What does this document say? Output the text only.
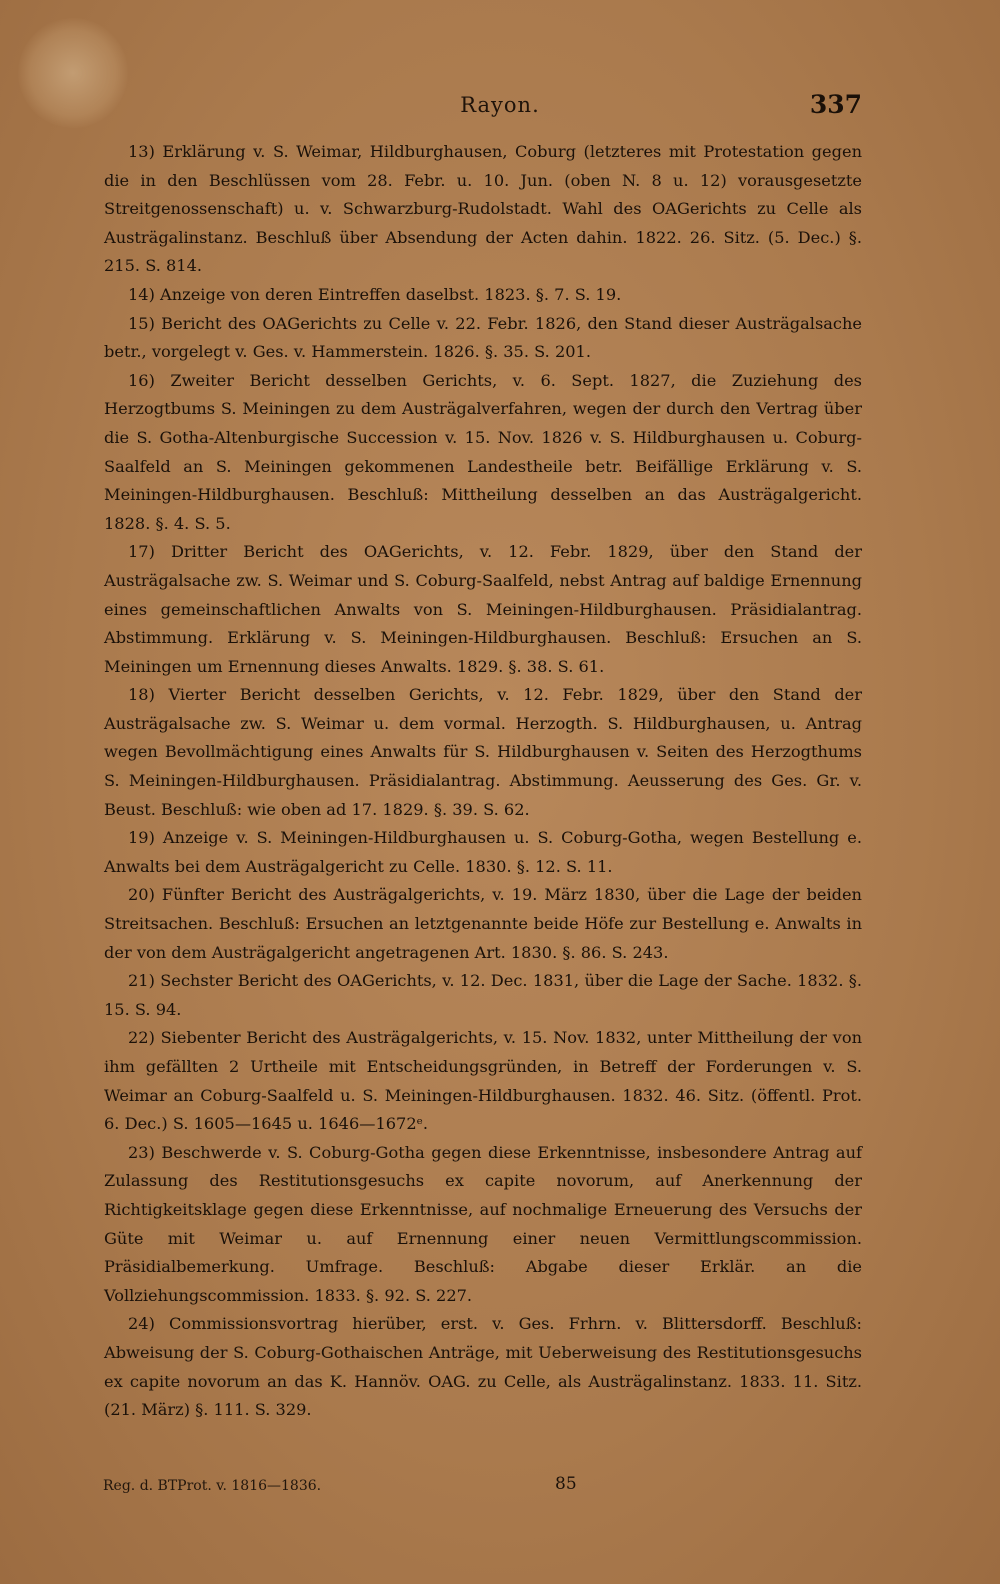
Rayon.	337

13) Erklärung v. S. Weimar, Hildburghausen, Coburg (letzteres mit Protestation gegen die in den Beschlüssen vom 28. Febr. u. 10. Jun. (oben N. 8 u. 12) vorausgesetzte Streitgenossenschaft) u. v. Schwarzburg-Rudolstadt. Wahl des OAGerichts zu Celle als Austrägalinstanz. Beschluß über Absendung der Acten dahin. 1822. 26. Sitz. (5. Dec.) §. 215. S. 814.

14) Anzeige von deren Eintreffen daselbst. 1823. §. 7. S. 19.

15) Bericht des OAGerichts zu Celle v. 22. Febr. 1826, den Stand dieser Austrägalsache betr., vorgelegt v. Ges. v. Hammerstein. 1826. §. 35. S. 201.

16) Zweiter Bericht desselben Gerichts, v. 6. Sept. 1827, die Zuziehung des Herzogtbums S. Meiningen zu dem Austrägalverfahren, wegen der durch den Vertrag über die S. Gotha-Altenburgische Succession v. 15. Nov. 1826 v. S. Hildburghausen u. Coburg-Saalfeld an S. Meiningen gekommenen Landestheile betr. Beifällige Erklärung v. S. Meiningen-Hildburghausen. Beschluß: Mittheilung desselben an das Austrägalgericht. 1828. §. 4. S. 5.

17) Dritter Bericht des OAGerichts, v. 12. Febr. 1829, über den Stand der Austrägalsache zw. S. Weimar und S. Coburg-Saalfeld, nebst Antrag auf baldige Ernennung eines gemeinschaftlichen Anwalts von S. Meiningen-Hildburghausen. Präsidialantrag. Abstimmung. Erklärung v. S. Meiningen-Hildburghausen. Beschluß: Ersuchen an S. Meiningen um Ernennung dieses Anwalts. 1829. §. 38. S. 61.

18) Vierter Bericht desselben Gerichts, v. 12. Febr. 1829, über den Stand der Austrägalsache zw. S. Weimar u. dem vormal. Herzogth. S. Hildburghausen, u. Antrag wegen Bevollmächtigung eines Anwalts für S. Hildburghausen v. Seiten des Herzogthums S. Meiningen-Hildburghausen. Präsidialantrag. Abstimmung. Aeusserung des Ges. Gr. v. Beust. Beschluß: wie oben ad 17. 1829. §. 39. S. 62.

19) Anzeige v. S. Meiningen-Hildburghausen u. S. Coburg-Gotha, wegen Bestellung e. Anwalts bei dem Austrägalgericht zu Celle. 1830. §. 12. S. 11.

20) Fünfter Bericht des Austrägalgerichts, v. 19. März 1830, über die Lage der beiden Streitsachen. Beschluß: Ersuchen an letztgenannte beide Höfe zur Bestellung e. Anwalts in der von dem Austrägalgericht angetragenen Art. 1830. §. 86. S. 243.

21) Sechster Bericht des OAGerichts, v. 12. Dec. 1831, über die Lage der Sache. 1832. §. 15. S. 94.

22) Siebenter Bericht des Austrägalgerichts, v. 15. Nov. 1832, unter Mittheilung der von ihm gefällten 2 Urtheile mit Entscheidungsgründen, in Betreff der Forderungen v. S. Weimar an Coburg-Saalfeld u. S. Meiningen-Hildburghausen. 1832. 46. Sitz. (öffentl. Prot. 6. Dec.) S. 1605—1645 u. 1646—1672ᵉ.

23) Beschwerde v. S. Coburg-Gotha gegen diese Erkenntnisse, insbesondere Antrag auf Zulassung des Restitutionsgesuchs ex capite novorum, auf Anerkennung der Richtigkeitsklage gegen diese Erkenntnisse, auf nochmalige Erneuerung des Versuchs der Güte mit Weimar u. auf Ernennung einer neuen Vermittlungscommission. Präsidialbemerkung. Umfrage. Beschluß: Abgabe dieser Erklär. an die Vollziehungscommission. 1833. §. 92. S. 227.

24) Commissionsvortrag hierüber, erst. v. Ges. Frhrn. v. Blittersdorff. Beschluß: Abweisung der S. Coburg-Gothaischen Anträge, mit Ueberweisung des Restitutionsgesuchs ex capite novorum an das K. Hannöv. OAG. zu Celle, als Austrägalinstanz. 1833. 11. Sitz. (21. März) §. 111. S. 329.

Reg. d. BTProt. v. 1816—1836.	85
